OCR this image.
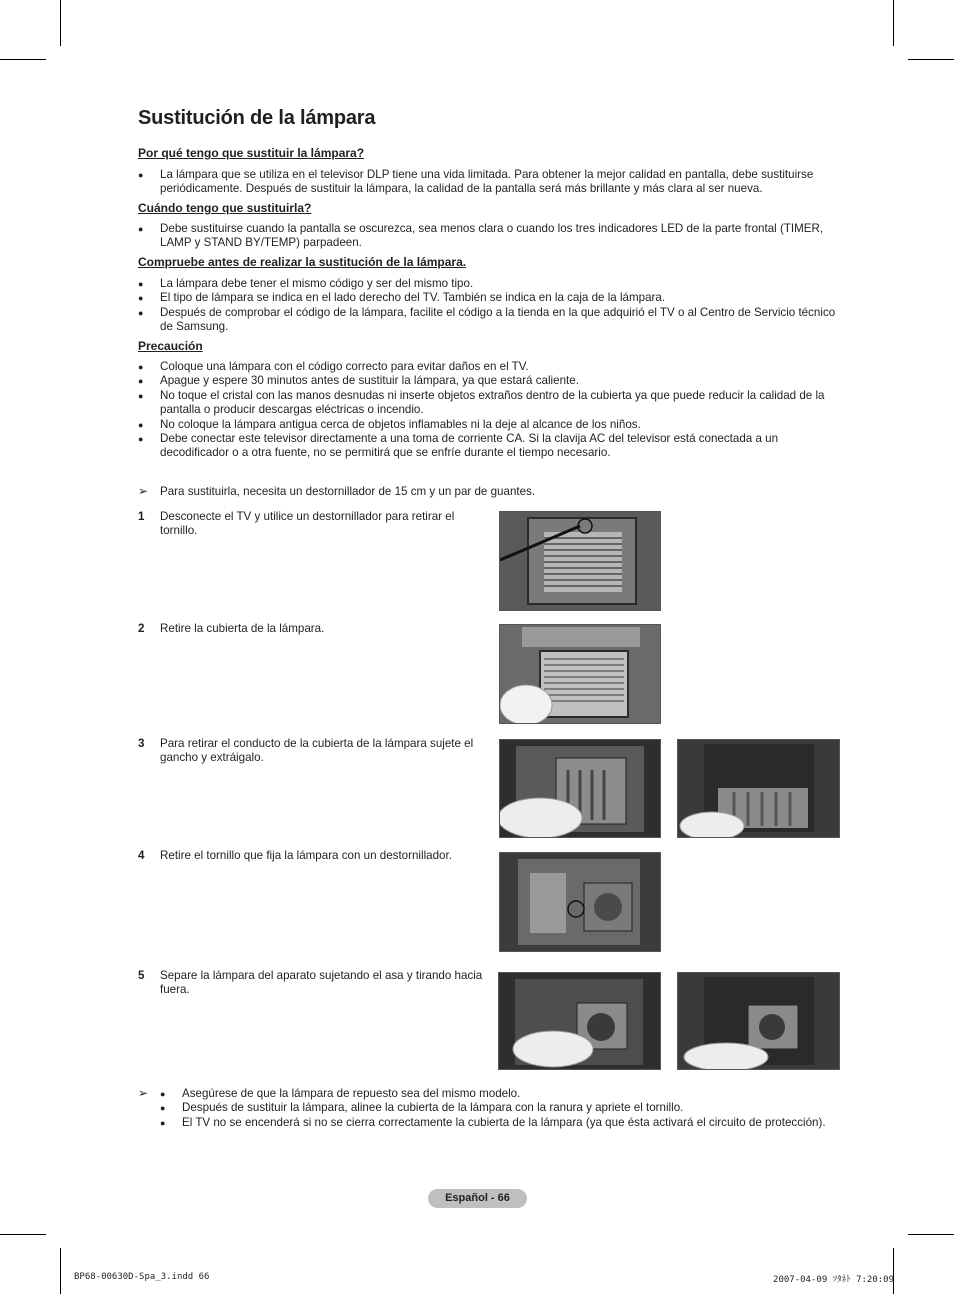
Sustitución de la lámpara

Por qué tengo que sustituir la lámpara?

● La lámpara que se utiliza en el televisor DLP tiene una vida limitada. Para obtener la mejor calidad en pantalla, debe sustituirse periódicamente. Después de sustituir la lámpara, la calidad de la pantalla será más brillante y más clara al ser nueva.

Cuándo tengo que sustituirla?

● Debe sustituirse cuando la pantalla se oscurezca, sea menos clara o cuando los tres indicadores LED de la parte frontal (TIMER, LAMP y STAND BY/TEMP) parpadeen.

Compruebe antes de realizar la sustitución de la lámpara.

● La lámpara debe tener el mismo código y ser del mismo tipo.
● El tipo de lámpara se indica en el lado derecho del TV. También se indica en la caja de la lámpara.
● Después de comprobar el código de la lámpara, facilite el código a la tienda en la que adquirió el TV o al Centro de Servicio técnico de Samsung.

Precaución

● Coloque una lámpara con el código correcto para evitar daños en el TV.
● Apague y espere 30 minutos antes de sustituir la lámpara, ya que estará caliente.
● No toque el cristal con las manos desnudas ni inserte objetos extraños dentro de la cubierta ya que puede reducir la calidad de la pantalla o producir descargas eléctricas o incendio.
● No coloque la lámpara antigua cerca de objetos inflamables ni la deje al alcance de los niños.
● Debe conectar este televisor directamente a una toma de corriente CA. Si la clavija AC del televisor está conectada a un decodificador o a otra fuente, no se permitirá que se enfríe durante el tiempo necesario.
➢ Para sustituirla, necesita un destornillador de 15 cm y un par de guantes.
1	Desconecte el TV y utilice un destornillador para retirar el tornillo.
2	Retire la cubierta de la lámpara.
3	Para retirar el conducto de la cubierta de la lámpara sujete el gancho y extráigalo.
4	Retire el tornillo que fija la lámpara con un destornillador.
5	Separe la lámpara del aparato sujetando el asa y tirando hacia fuera.
➢ ● Asegúrese de que la lámpara de repuesto sea del mismo modelo.
● Después de sustituir la lámpara, alinee la cubierta de la lámpara con la ranura y apriete el tornillo.
● El TV no se encenderá si no se cierra correctamente la cubierta de la lámpara (ya que ésta activará el circuito de protección).
Español - 66
BP68-00630D-Spa_3.indd 66	2007-04-09 ｿﾀﾈﾄ 7:20:09
